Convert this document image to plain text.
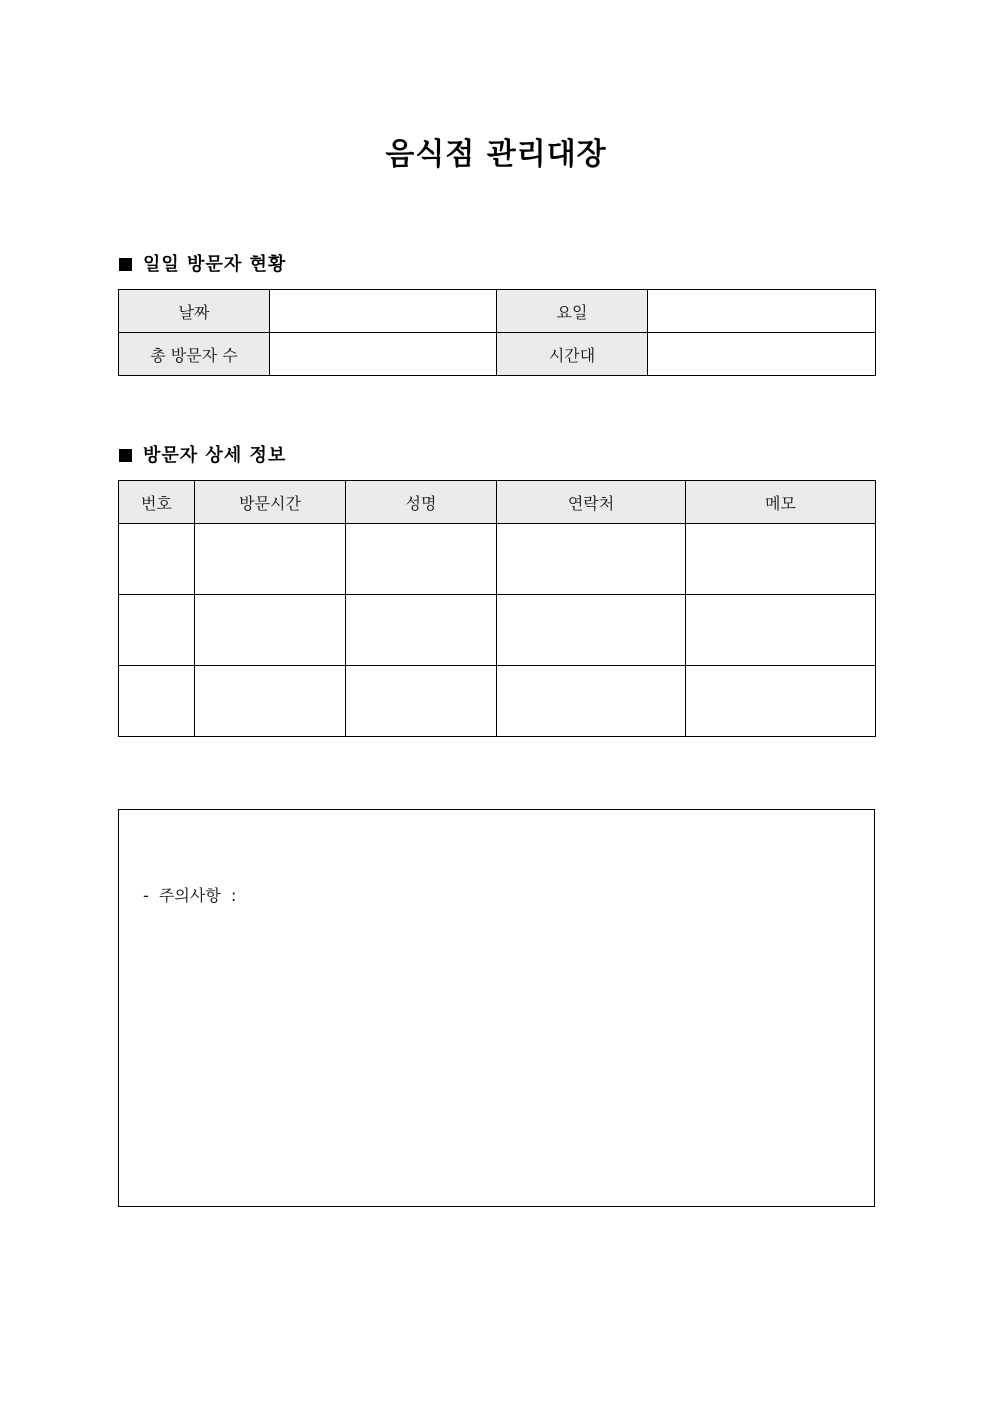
음식점 관리대장
일일 방문자 현황
날짜		요일	
총 방문자 수		시간대	
방문자 상세 정보
번호	방문시간	성명	연락처	메모

-  주의사항  :
